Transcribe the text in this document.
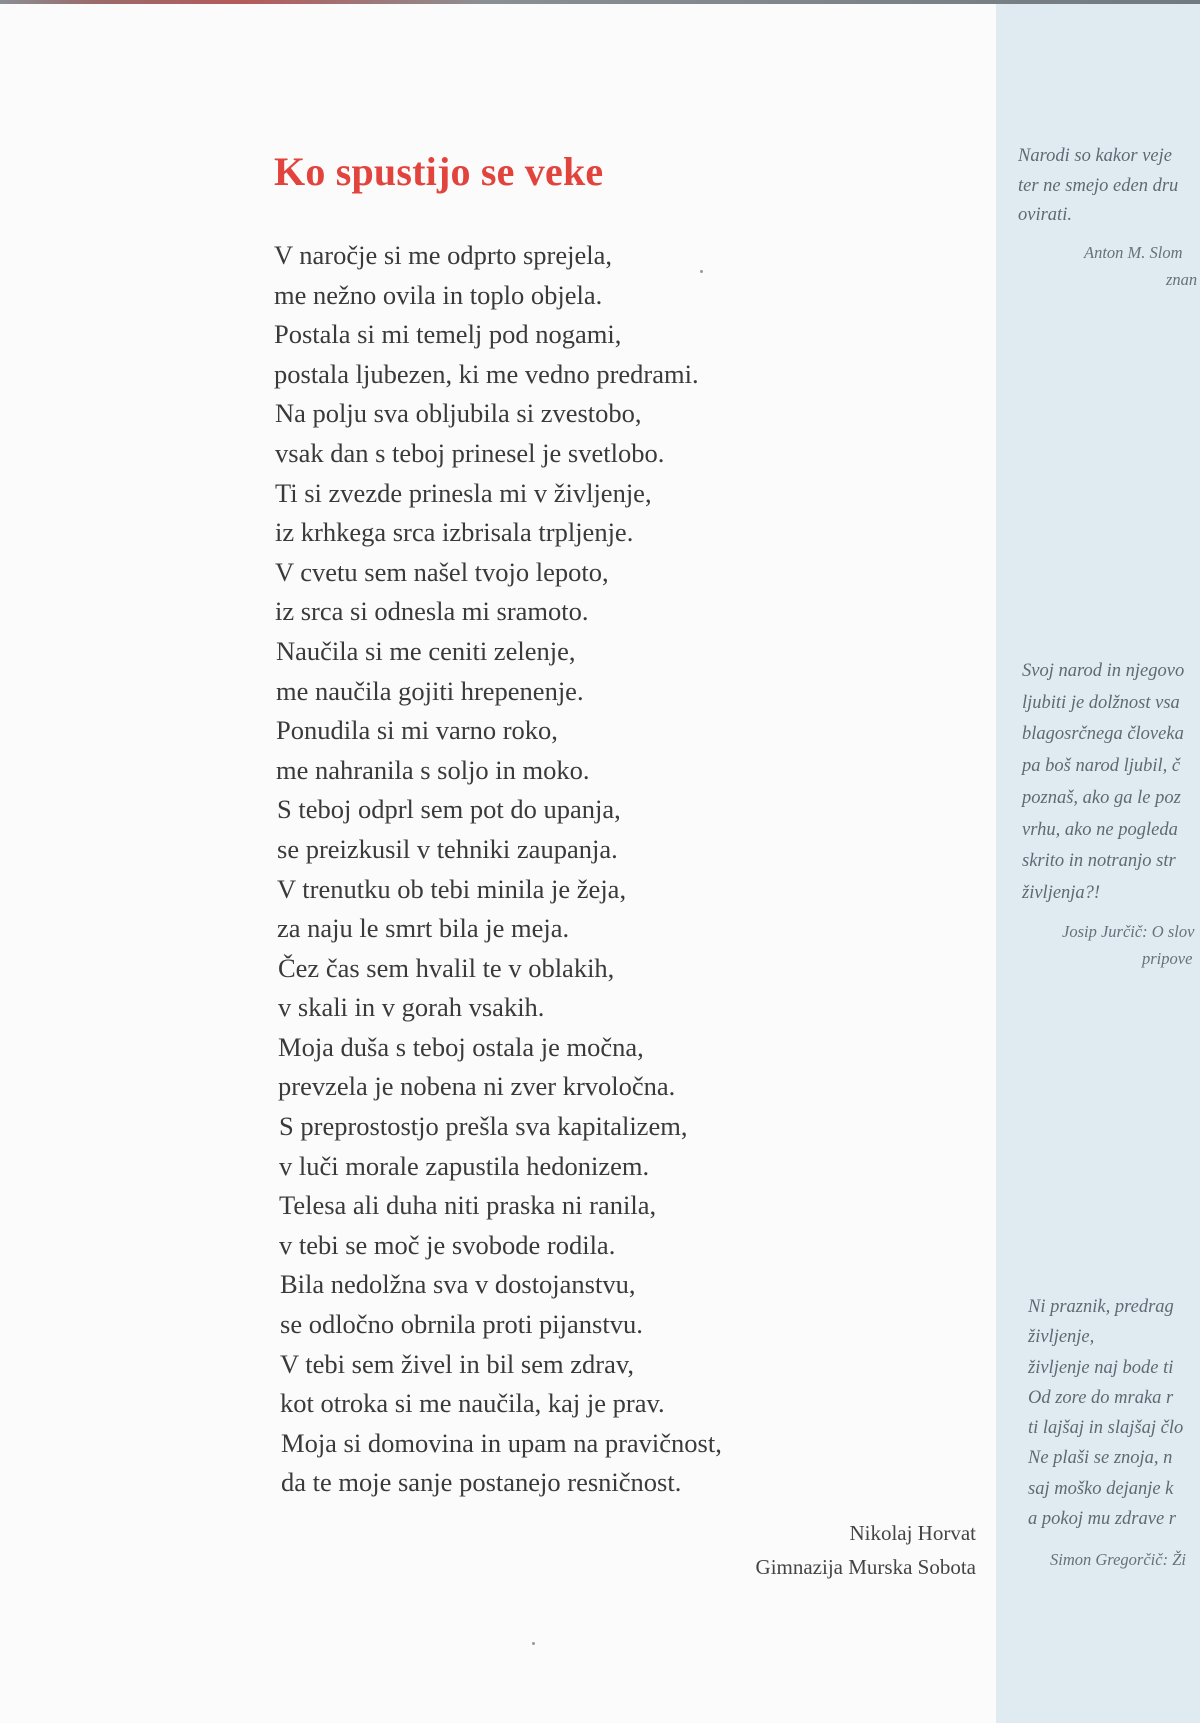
Ko spustijo se veke
V naročje si me odprto sprejela,
me nežno ovila in toplo objela.
Postala si mi temelj pod nogami,
postala ljubezen, ki me vedno predrami.
Na polju sva obljubila si zvestobo,
vsak dan s teboj prinesel je svetlobo.
Ti si zvezde prinesla mi v življenje,
iz krhkega srca izbrisala trpljenje.
V cvetu sem našel tvojo lepoto,
iz srca si odnesla mi sramoto.
Naučila si me ceniti zelenje,
me naučila gojiti hrepenenje.
Ponudila si mi varno roko,
me nahranila s soljo in moko.
S teboj odprl sem pot do upanja,
se preizkusil v tehniki zaupanja.
V trenutku ob tebi minila je žeja,
za naju le smrt bila je meja.
Čez čas sem hvalil te v oblakih,
v skali in v gorah vsakih.
Moja duša s teboj ostala je močna,
prevzela je nobena ni zver krvoločna.
S preprostostjo prešla sva kapitalizem,
v luči morale zapustila hedonizem.
Telesa ali duha niti praska ni ranila,
v tebi se moč je svobode rodila.
Bila nedolžna sva v dostojanstvu,
se odločno obrnila proti pijanstvu.
V tebi sem živel in bil sem zdrav,
kot otroka si me naučila, kaj je prav.
Moja si domovina in upam na pravičnost,
da te moje sanje postanejo resničnost.
Nikolaj Horvat
Gimnazija Murska Sobota
Narodi so kakor veje
ter ne smejo eden dru
ovirati.
Anton M. Slom
znan
Svoj narod in njegovo
ljubiti je dolžnost vsa
blagosrčnega človeka
pa boš narod ljubil, č
poznaš, ako ga le poz
vrhu, ako ne pogleda
skrito in notranjo str
življenja?!
Josip Jurčič: O slov
pripove
Ni praznik, predrag
življenje,
življenje naj bode ti
Od zore do mraka r
ti lajšaj in slajšaj člo
Ne plaši se znoja, n
saj moško dejanje k
a pokoj mu zdrave r
Simon Gregorčič: Ži
